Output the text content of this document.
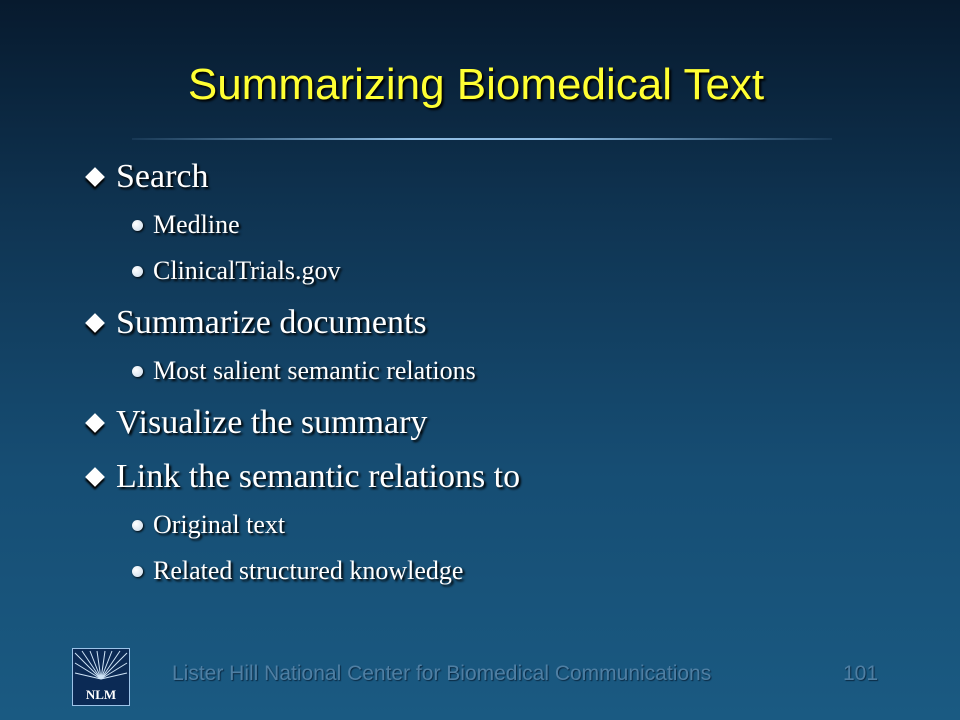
Summarizing Biomedical Text
Search
Medline
ClinicalTrials.gov
Summarize documents
Most salient semantic relations
Visualize the summary
Link the semantic relations to
Original text
Related structured knowledge
NLM
Lister Hill National Center for Biomedical Communications	101
